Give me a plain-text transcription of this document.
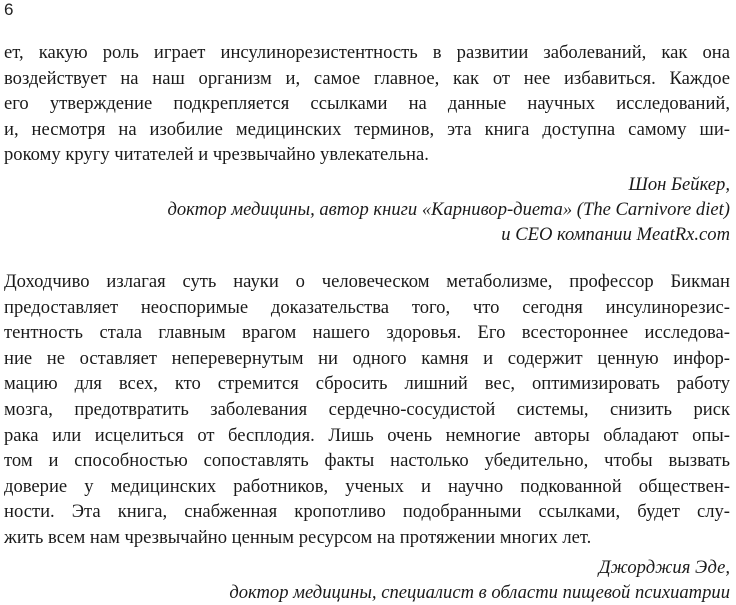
6
ет, какую роль играет инсулинорезистентность в развитии заболеваний, как она
воздействует на наш организм и, самое главное, как от нее избавиться. Каждое
его утверждение подкрепляется ссылками на данные научных исследований,
и, несмотря на изобилие медицинских терминов, эта книга доступна самому ши-
рокому кругу читателей и чрезвычайно увлекательна.
Шон Бейкер,
доктор медицины, автор книги «Карнивор-диета» (The Carnivore diet)
и CEO компании MeatRx.com
Доходчиво излагая суть науки о человеческом метаболизме, профессор Бикман
предоставляет неоспоримые доказательства того, что сегодня инсулинорезис-
тентность стала главным врагом нашего здоровья. Его всестороннее исследова-
ние не оставляет неперевернутым ни одного камня и содержит ценную инфор-
мацию для всех, кто стремится сбросить лишний вес, оптимизировать работу
мозга, предотвратить заболевания сердечно-сосудистой системы, снизить риск
рака или исцелиться от бесплодия. Лишь очень немногие авторы обладают опы-
том и способностью сопоставлять факты настолько убедительно, чтобы вызвать
доверие у медицинских работников, ученых и научно подкованной обществен-
ности. Эта книга, снабженная кропотливо подобранными ссылками, будет слу-
жить всем нам чрезвычайно ценным ресурсом на протяжении многих лет.
Джорджия Эде,
доктор медицины, специалист в области пищевой психиатрии
